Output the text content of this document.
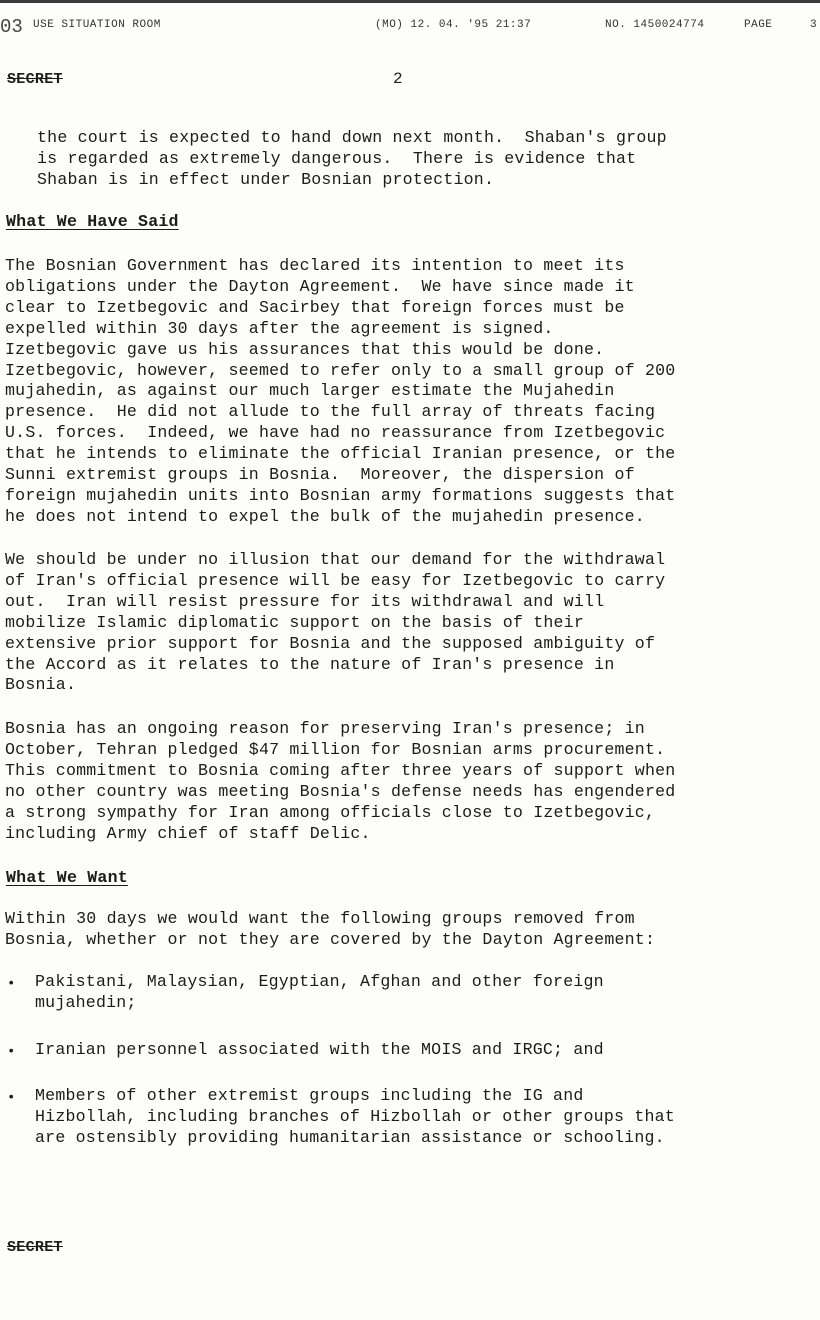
03 USE SITUATION ROOM	(MO) 12. 04. '95 21:37	NO. 1450024774	PAGE	3
SECRET	2
the court is expected to hand down next month.  Shaban's group
is regarded as extremely dangerous.  There is evidence that
Shaban is in effect under Bosnian protection.
What We Have Said
The Bosnian Government has declared its intention to meet its
obligations under the Dayton Agreement.  We have since made it
clear to Izetbegovic and Sacirbey that foreign forces must be
expelled within 30 days after the agreement is signed.
Izetbegovic gave us his assurances that this would be done.
Izetbegovic, however, seemed to refer only to a small group of 200
mujahedin, as against our much larger estimate the Mujahedin
presence.  He did not allude to the full array of threats facing
U.S. forces.  Indeed, we have had no reassurance from Izetbegovic
that he intends to eliminate the official Iranian presence, or the
Sunni extremist groups in Bosnia.  Moreover, the dispersion of
foreign mujahedin units into Bosnian army formations suggests that
he does not intend to expel the bulk of the mujahedin presence.
We should be under no illusion that our demand for the withdrawal
of Iran's official presence will be easy for Izetbegovic to carry
out.  Iran will resist pressure for its withdrawal and will
mobilize Islamic diplomatic support on the basis of their
extensive prior support for Bosnia and the supposed ambiguity of
the Accord as it relates to the nature of Iran's presence in
Bosnia.
Bosnia has an ongoing reason for preserving Iran's presence; in
October, Tehran pledged $47 million for Bosnian arms procurement.
This commitment to Bosnia coming after three years of support when
no other country was meeting Bosnia's defense needs has engendered
a strong sympathy for Iran among officials close to Izetbegovic,
including Army chief of staff Delic.
What We Want
Within 30 days we would want the following groups removed from
Bosnia, whether or not they are covered by the Dayton Agreement:
• Pakistani, Malaysian, Egyptian, Afghan and other foreign
mujahedin;
• Iranian personnel associated with the MOIS and IRGC; and
• Members of other extremist groups including the IG and
Hizbollah, including branches of Hizbollah or other groups that
are ostensibly providing humanitarian assistance or schooling.
SECRET
